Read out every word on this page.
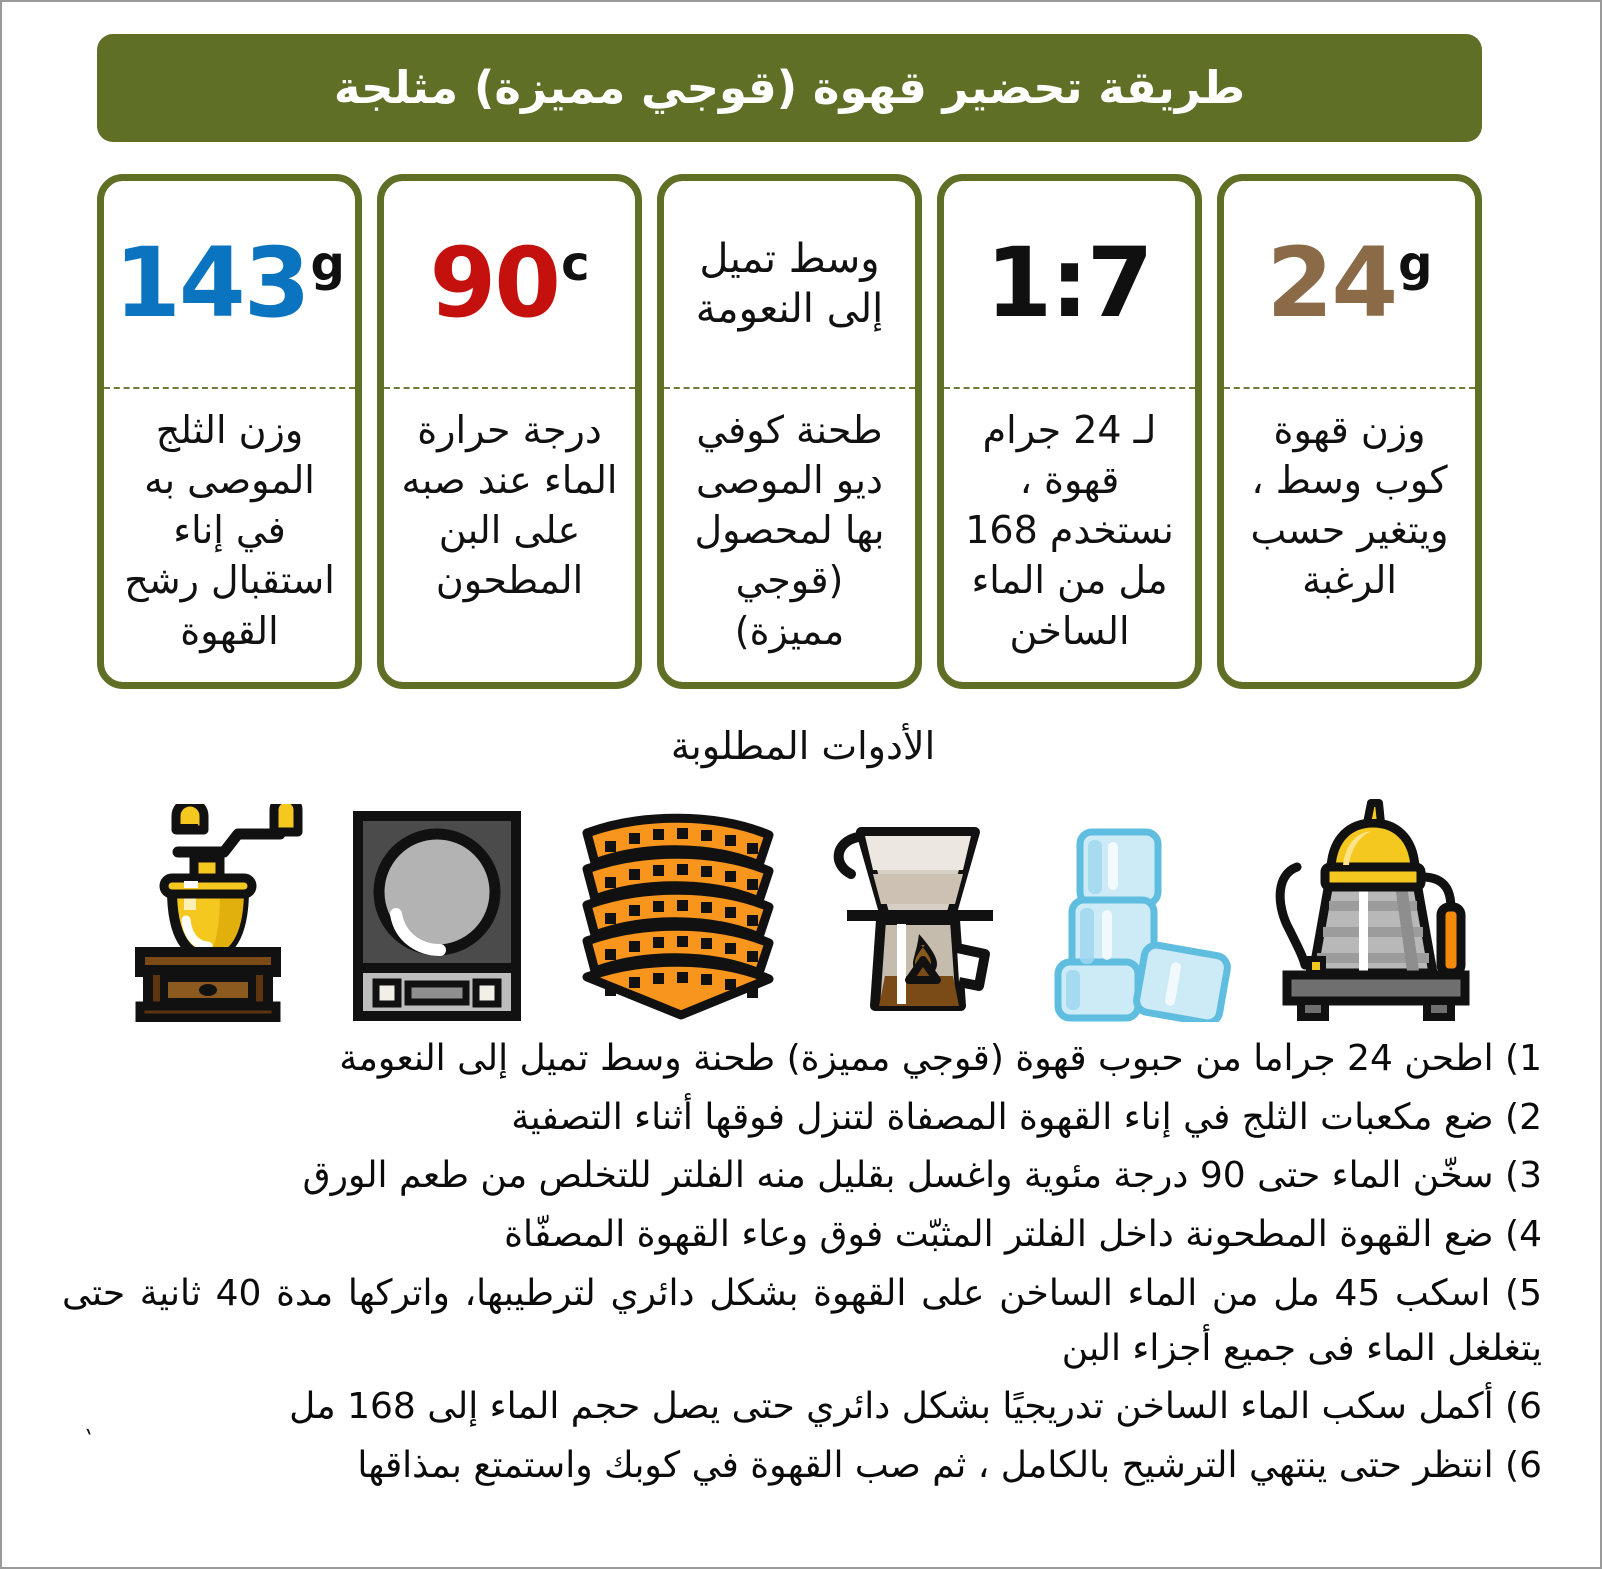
طريقة تحضير قهوة (قوجي مميزة) مثلجة
143 g
وزن الثلج الموصى به في إناء استقبال رشح القهوة
90 c
درجة حرارة الماء عند صبه على البن المطحون
وسط تميل إلى النعومة
طحنة كوفي ديو الموصى بها لمحصول (قوجي مميزة)
1:7
لـ 24 جرام قهوة ، نستخدم 168 مل من الماء الساخن
24 g
وزن قهوة كوب وسط ، ويتغير حسب الرغبة
الأدوات المطلوبة

1) اطحن 24 جراما من حبوب قهوة (قوجي مميزة) طحنة وسط تميل إلى النعومة

2) ضع مكعبات الثلج في إناء القهوة المصفاة لتنزل فوقها أثناء التصفية

3) سخّن الماء حتى 90 درجة مئوية واغسل بقليل منه الفلتر للتخلص من طعم الورق

4) ضع القهوة المطحونة داخل الفلتر المثبّت فوق وعاء القهوة المصفّاة

5) اسكب 45 مل من الماء الساخن على القهوة بشكل دائري لترطيبها، واتركها مدة 40 ثانية حتى يتغلغل الماء فى جميع أجزاء البن

6) أكمل سكب الماء الساخن تدريجيًا بشكل دائري حتى يصل حجم الماء إلى 168 مل

6) انتظر حتى ينتهي الترشيح بالكامل ، ثم صب القهوة في كوبك واستمتع بمذاقها

`
